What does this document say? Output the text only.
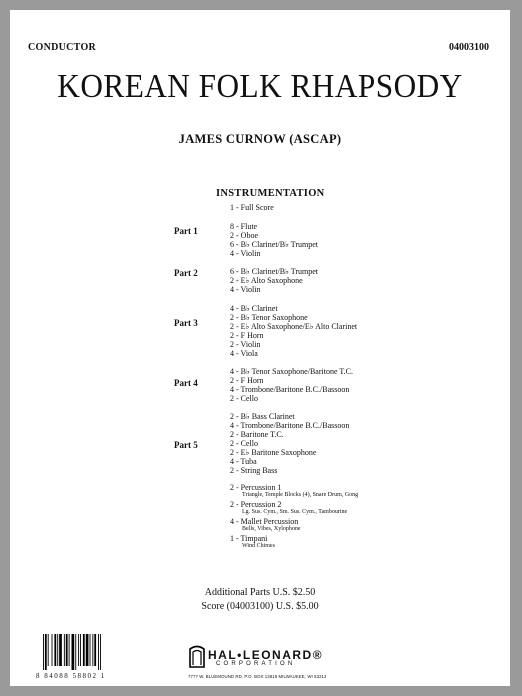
CONDUCTOR	04003100
KOREAN FOLK RHAPSODY
JAMES CURNOW (ASCAP)
INSTRUMENTATION
1 - Full Score
8 - Flute
2 - Oboe
6 - B♭ Clarinet/B♭ Trumpet
4 - Violin
6 - B♭ Clarinet/B♭ Trumpet
2 - E♭ Alto Saxophone
4 - Violin
4 - B♭ Clarinet
2 - B♭ Tenor Saxophone
2 - E♭ Alto Saxophone/E♭ Alto Clarinet
2 - F Horn
2 - Violin
4 - Viola
4 - B♭ Tenor Saxophone/Baritone T.C.
2 - F Horn
4 - Trombone/Baritone B.C./Bassoon
2 - Cello
2 - B♭ Bass Clarinet
4 - Trombone/Baritone B.C./Bassoon
2 - Baritone T.C.
2 - Cello
2 - E♭ Baritone Saxophone
4 - Tuba
2 - String Bass
2 - Percussion 1
Triangle, Temple Blocks (4), Snare Drum, Gong
2 - Percussion 2
Lg. Sus. Cym., Sm. Sus. Cym., Tambourine
4 - Mallet Percussion
Bells, Vibes, Xylophone
1 - Timpani
Wind Chimes
Part 1
Part 2
Part 3
Part 4
Part 5
Additional Parts U.S. $2.50
Score (04003100) U.S. $5.00
8 84088 58802 1
HAL•LEONARD®
CORPORATION
7777 W. BLUEMOUND RD. P.O. BOX 13819 MILWAUKEE, WI 53213
